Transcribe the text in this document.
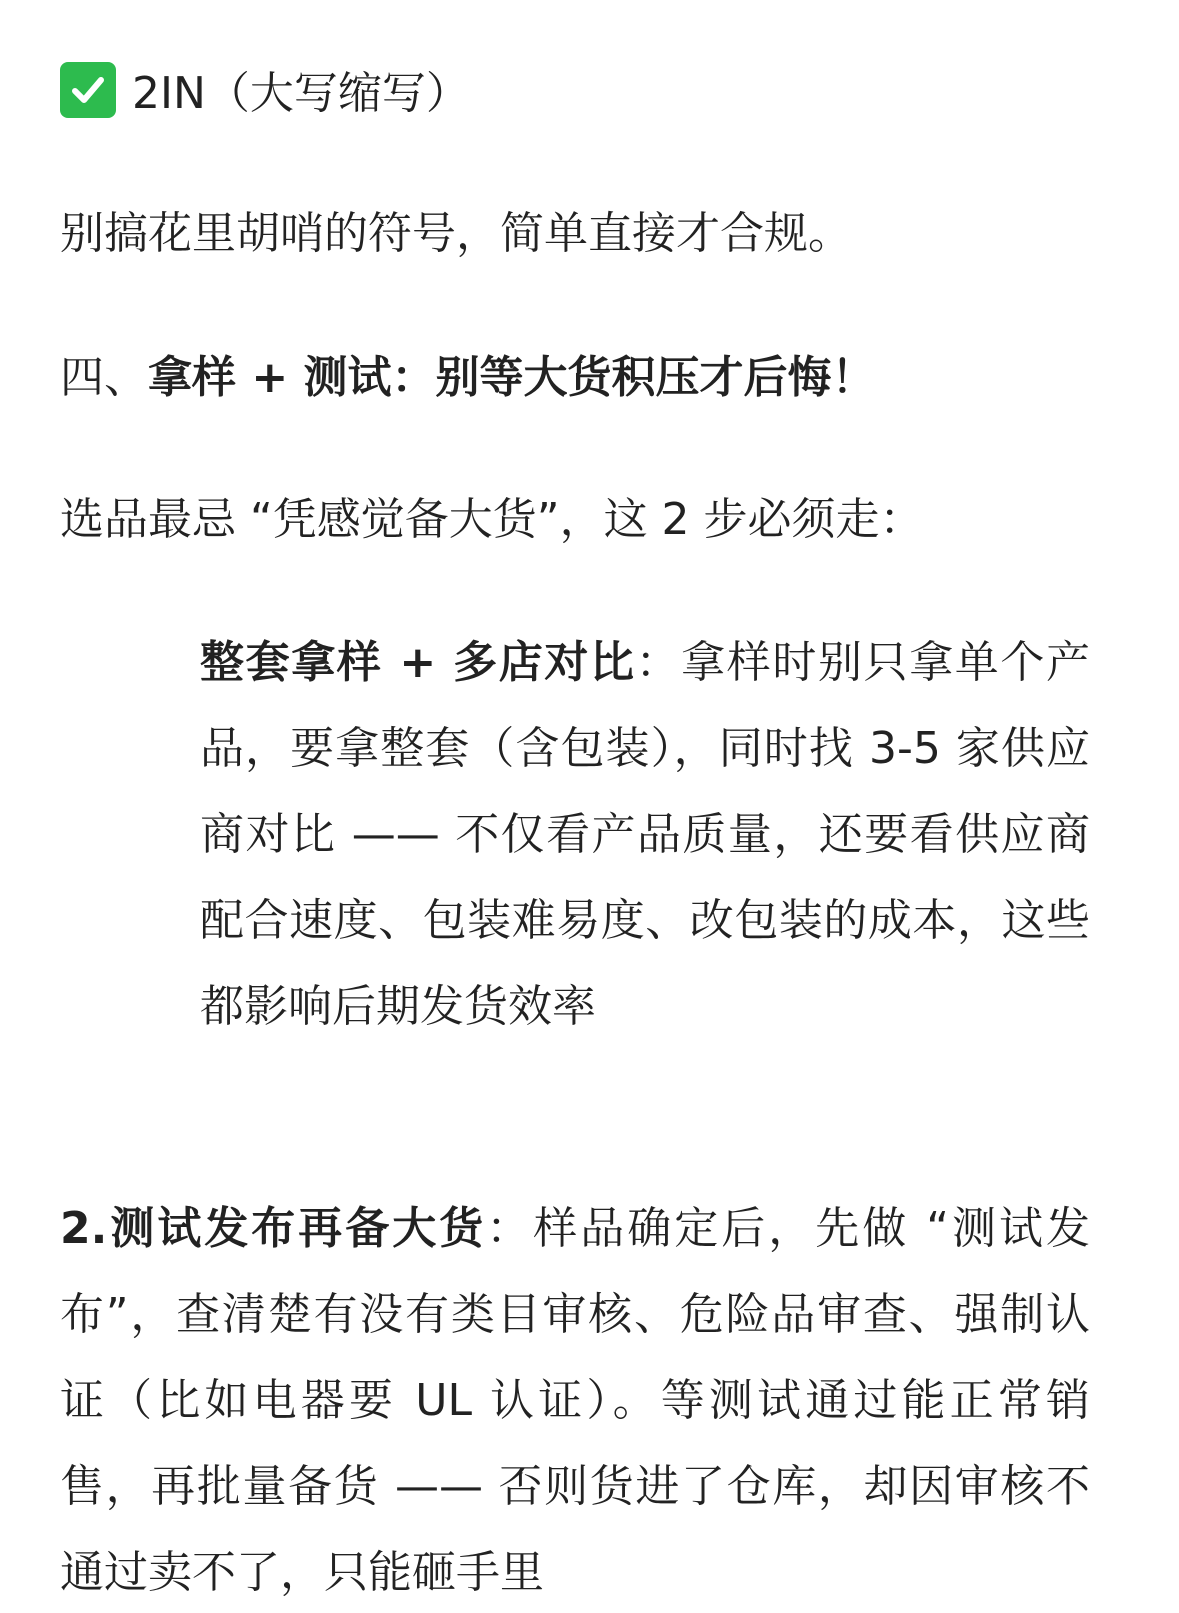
2IN（大写缩写）
别搞花里胡哨的符号，简单直接才合规。
四、拿样 + 测试：别等大货积压才后悔！
选品最忌 “凭感觉备大货”，这 2 步必须走：
整套拿样 + 多店对比：拿样时别只拿单个产品，要拿整套（含包装），同时找 3-5 家供应商对比 —— 不仅看产品质量，还要看供应商配合速度、包装难易度、改包装的成本，这些都影响后期发货效率
2.测试发布再备大货：样品确定后，先做 “测试发布”，查清楚有没有类目审核、危险品审查、强制认证（比如电器要 UL 认证）。等测试通过能正常销售，再批量备货 —— 否则货进了仓库，却因审核不通过卖不了，只能砸手里
